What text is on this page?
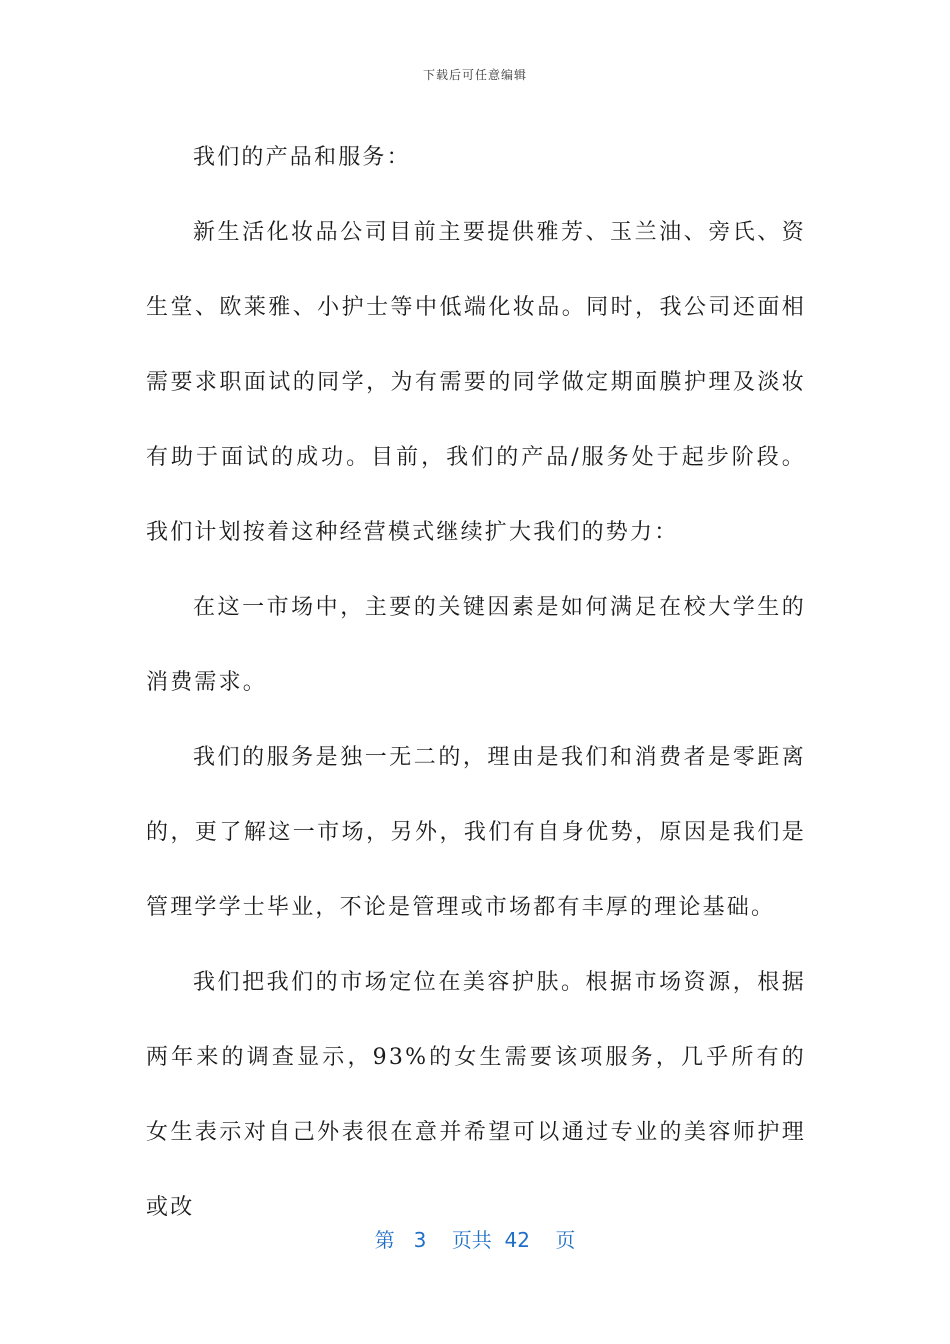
下载后可任意编辑

我们的产品和服务：

新生活化妆品公司目前主要提供雅芳、玉兰油、旁氏、资生堂、欧莱雅、小护士等中低端化妆品。同时，我公司还面相需要求职面试的同学，为有需要的同学做定期面膜护理及淡妆有助于面试的成功。目前，我们的产品/服务处于起步阶段。我们计划按着这种经营模式继续扩大我们的势力：

在这一市场中，主要的关键因素是如何满足在校大学生的消费需求。

我们的服务是独一无二的，理由是我们和消费者是零距离的，更了解这一市场，另外，我们有自身优势，原因是我们是管理学学士毕业，不论是管理或市场都有丰厚的理论基础。

我们把我们的市场定位在美容护肤。根据市场资源，根据两年来的调查显示，93%的女生需要该项服务，几乎所有的女生表示对自己外表很在意并希望可以通过专业的美容师护理或改

第 3 页共 42 页
